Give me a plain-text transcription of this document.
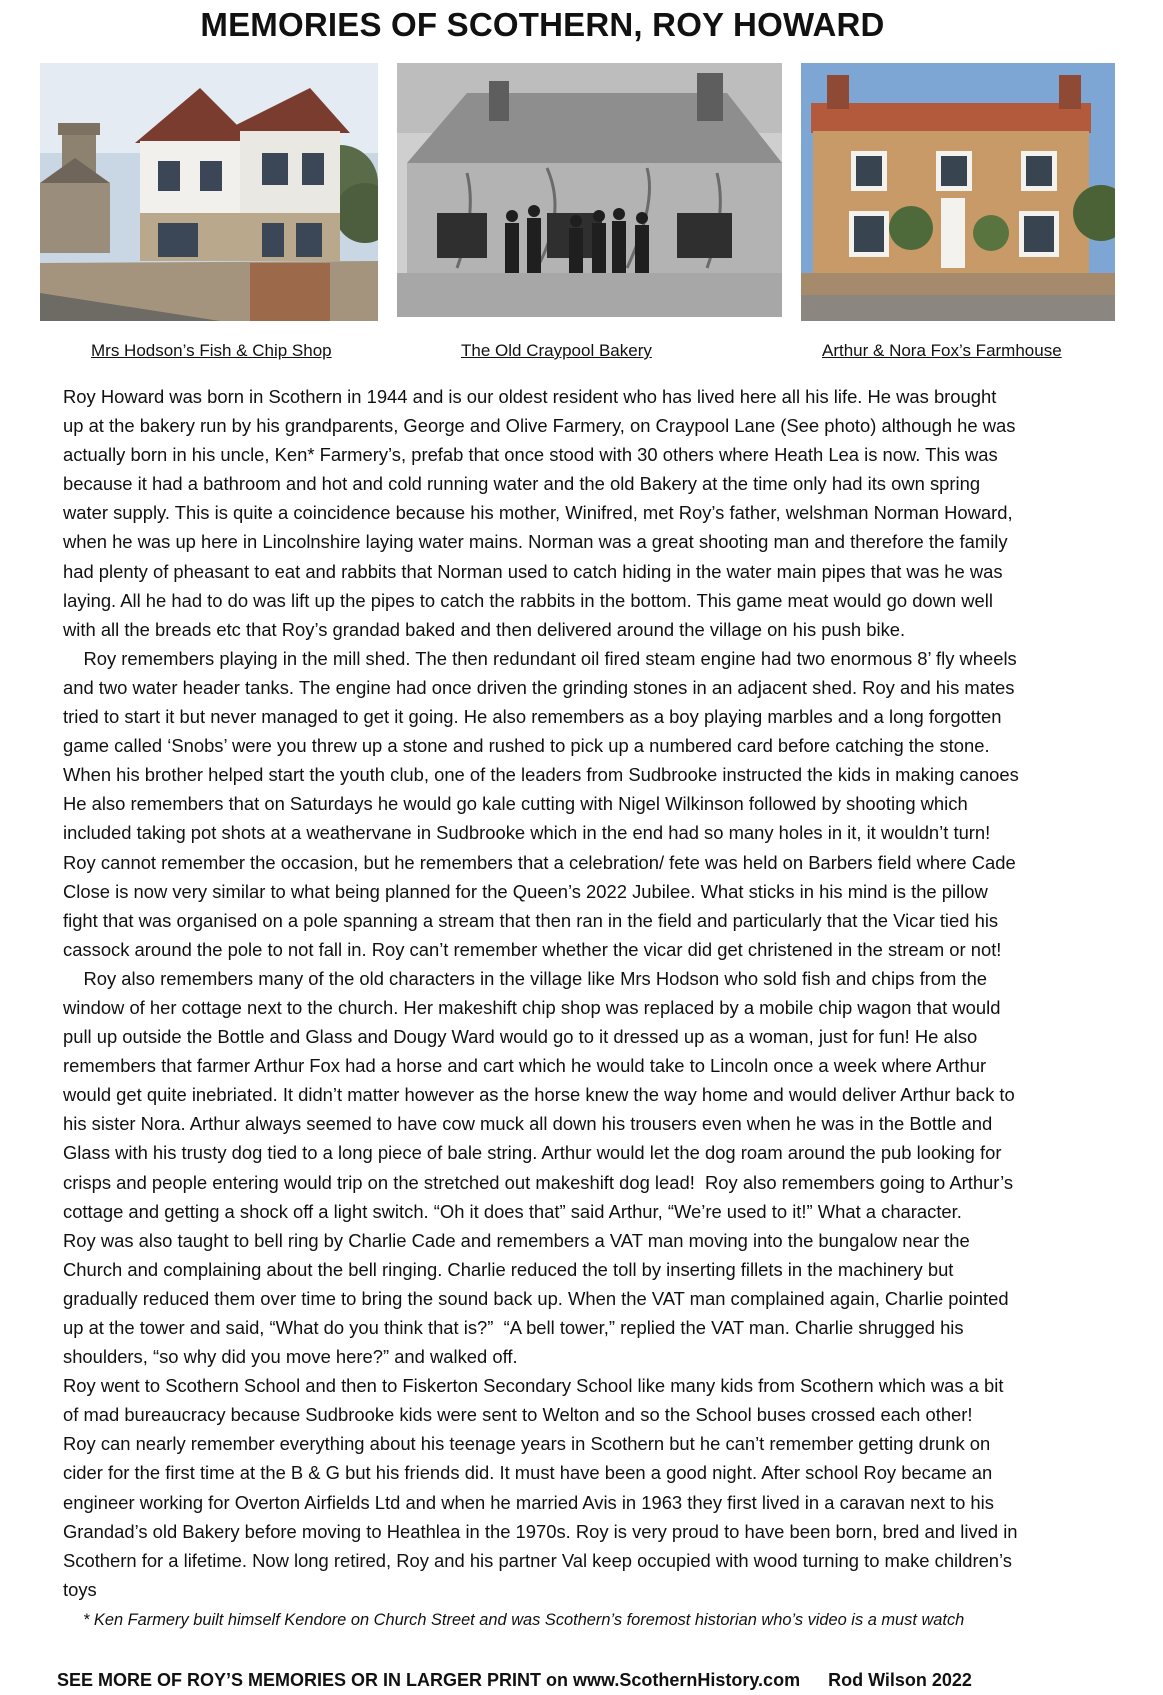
MEMORIES OF SCOTHERN, ROY HOWARD
Mrs Hodson’s Fish & Chip Shop	The Old Craypool Bakery	Arthur & Nora Fox’s Farmhouse

Roy Howard was born in Scothern in 1944 and is our oldest resident who has lived here all his life. He was brought

up at the bakery run by his grandparents, George and Olive Farmery, on Craypool Lane (See photo) although he was

actually born in his uncle, Ken* Farmery’s, prefab that once stood with 30 others where Heath Lea is now. This was

because it had a bathroom and hot and cold running water and the old Bakery at the time only had its own spring

water supply. This is quite a coincidence because his mother, Winifred, met Roy’s father, welshman Norman Howard,

when he was up here in Lincolnshire laying water mains. Norman was a great shooting man and therefore the family

had plenty of pheasant to eat and rabbits that Norman used to catch hiding in the water main pipes that was he was

laying. All he had to do was lift up the pipes to catch the rabbits in the bottom. This game meat would go down well

with all the breads etc that Roy’s grandad baked and then delivered around the village on his push bike.

Roy remembers playing in the mill shed. The then redundant oil fired steam engine had two enormous 8’ fly wheels

and two water header tanks. The engine had once driven the grinding stones in an adjacent shed. Roy and his mates

tried to start it but never managed to get it going. He also remembers as a boy playing marbles and a long forgotten

game called ‘Snobs’ were you threw up a stone and rushed to pick up a numbered card before catching the stone.

When his brother helped start the youth club, one of the leaders from Sudbrooke instructed the kids in making canoes

He also remembers that on Saturdays he would go kale cutting with Nigel Wilkinson followed by shooting which

included taking pot shots at a weathervane in Sudbrooke which in the end had so many holes in it, it wouldn’t turn!

Roy cannot remember the occasion, but he remembers that a celebration/ fete was held on Barbers field where Cade

Close is now very similar to what being planned for the Queen’s 2022 Jubilee. What sticks in his mind is the pillow

fight that was organised on a pole spanning a stream that then ran in the field and particularly that the Vicar tied his

cassock around the pole to not fall in. Roy can’t remember whether the vicar did get christened in the stream or not!

Roy also remembers many of the old characters in the village like Mrs Hodson who sold fish and chips from the

window of her cottage next to the church. Her makeshift chip shop was replaced by a mobile chip wagon that would

pull up outside the Bottle and Glass and Dougy Ward would go to it dressed up as a woman, just for fun! He also

remembers that farmer Arthur Fox had a horse and cart which he would take to Lincoln once a week where Arthur

would get quite inebriated. It didn’t matter however as the horse knew the way home and would deliver Arthur back to

his sister Nora. Arthur always seemed to have cow muck all down his trousers even when he was in the Bottle and

Glass with his trusty dog tied to a long piece of bale string. Arthur would let the dog roam around the pub looking for

crisps and people entering would trip on the stretched out makeshift dog lead!  Roy also remembers going to Arthur’s

cottage and getting a shock off a light switch. “Oh it does that” said Arthur, “We’re used to it!” What a character.

Roy was also taught to bell ring by Charlie Cade and remembers a VAT man moving into the bungalow near the

Church and complaining about the bell ringing. Charlie reduced the toll by inserting fillets in the machinery but

gradually reduced them over time to bring the sound back up. When the VAT man complained again, Charlie pointed

up at the tower and said, “What do you think that is?”  “A bell tower,” replied the VAT man. Charlie shrugged his

shoulders, “so why did you move here?” and walked off.

Roy went to Scothern School and then to Fiskerton Secondary School like many kids from Scothern which was a bit

of mad bureaucracy because Sudbrooke kids were sent to Welton and so the School buses crossed each other!

Roy can nearly remember everything about his teenage years in Scothern but he can’t remember getting drunk on

cider for the first time at the B & G but his friends did. It must have been a good night. After school Roy became an

engineer working for Overton Airfields Ltd and when he married Avis in 1963 they first lived in a caravan next to his

Grandad’s old Bakery before moving to Heathlea in the 1970s. Roy is very proud to have been born, bred and lived in

Scothern for a lifetime. Now long retired, Roy and his partner Val keep occupied with wood turning to make children’s

toys

* Ken Farmery built himself Kendore on Church Street and was Scothern’s foremost historian who’s video is a must watch
SEE MORE OF ROY’S MEMORIES OR IN LARGER PRINT on www.ScothernHistory.com Rod Wilson 2022
